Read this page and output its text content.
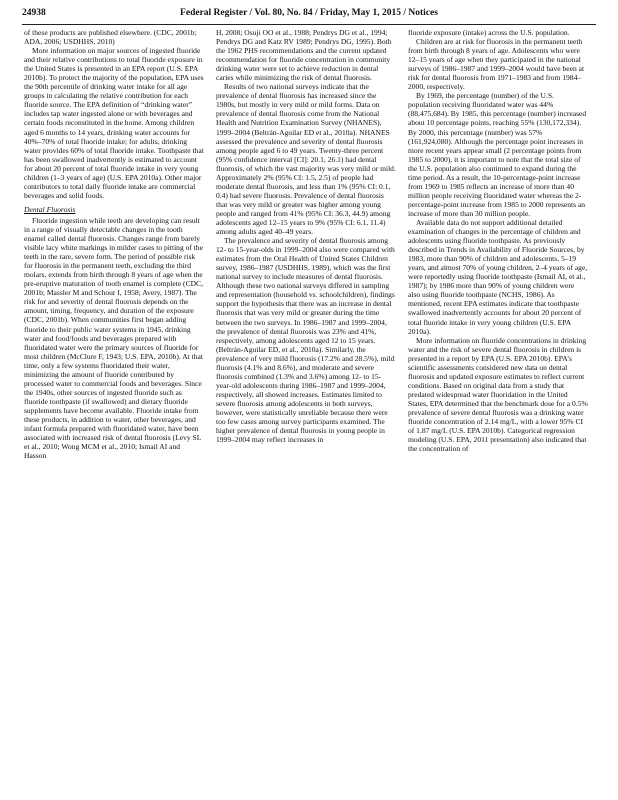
24938	Federal Register / Vol. 80, No. 84 / Friday, May 1, 2015 / Notices

of these products are published elsewhere. (CDC, 2001b; ADA, 2006; USDHHS, 2010)

More information on major sources of ingested fluoride and their relative contributions to total fluoride exposure in the United States is presented in an EPA report (U.S. EPA 2010b). To protect the majority of the population, EPA uses the 90th percentile of drinking water intake for all age groups in calculating the relative contribution for each fluoride source. The EPA definition of “drinking water” includes tap water ingested alone or with beverages and certain foods reconstituted in the home. Among children aged 6 months to 14 years, drinking water accounts for 40%–70% of total fluoride intake; for adults, drinking water provides 60% of total fluoride intake. Toothpaste that has been swallowed inadvertently is estimated to account for about 20 percent of total fluoride intake in very young children (1–3 years of age) (U.S. EPA 2010a). Other major contributors to total daily fluoride intake are commercial beverages and solid foods.

Dental Fluorosis

Fluoride ingestion while teeth are developing can result in a range of visually detectable changes in the tooth enamel called dental fluorosis. Changes range from barely visible lacy white markings in milder cases to pitting of the teeth in the rare, severe form. The period of possible risk for fluorosis in the permanent teeth, excluding the third molars, extends from birth through 8 years of age when the pre-eruptive maturation of tooth enamel is complete (CDC, 2001b; Massler M and Schour I, 1958; Avery, 1987). The risk for and severity of dental fluorosis depends on the amount, timing, frequency, and duration of the exposure (CDC, 2001b). When communities first began adding fluoride to their public water systems in 1945, drinking water and food/foods and beverages prepared with fluoridated water were the primary sources of fluoride for most children (McClure F, 1943; U.S. EPA, 2010b). At that time, only a few systems fluoridated their water, minimizing the amount of fluoride contributed by processed water to commercial foods and beverages. Since the 1940s, other sources of ingested fluoride such as fluoride toothpaste (if swallowed) and dietary fluoride supplements have become available. Fluoride intake from these products, in addition to water, other beverages, and infant formula prepared with fluoridated water, have been associated with increased risk of dental fluorosis (Levy SL et al., 2010; Wong MCM et al., 2010; Ismail AI and Hasson

H, 2008; Osuji OO et al., 1988; Pendrys DG et al., 1994; Pendrys DG and Katz RV 1989; Pendrys DG, 1995). Both the 1962 PHS recommendations and the current updated recommendation for fluoride concentration in community drinking water were set to achieve reduction in dental caries while minimizing the risk of dental fluorosis.

Results of two national surveys indicate that the prevalence of dental fluorosis has increased since the 1980s, but mostly in very mild or mild forms. Data on prevalence of dental fluorosis come from the National Health and Nutrition Examination Survey (NHANES), 1999–2004 (Beltrán-Aguilar ED et al., 2010a). NHANES assessed the prevalence and severity of dental fluorosis among people aged 6 to 49 years. Twenty-three percent (95% confidence interval [CI]: 20.1, 26.1) had dental fluorosis, of which the vast majority was very mild or mild. Approximately 2% (95% CI: 1.5, 2.5) of people had moderate dental fluorosis, and less than 1% (95% CI: 0.1, 0.4) had severe fluorosis. Prevalence of dental fluorosis that was very mild or greater was higher among young people and ranged from 41% (95% CI: 36.3, 44.9) among adolescents aged 12–15 years to 9% (95% CI: 6.1, 11.4) among adults aged 40–49 years.

The prevalence and severity of dental fluorosis among 12- to 15-year-olds in 1999–2004 also were compared with estimates from the Oral Health of United States Children survey, 1986–1987 (USDHHS, 1989), which was the first national survey to include measures of dental fluorosis. Although these two national surveys differed in sampling and representation (household vs. schoolchildren), findings support the hypothesis that there was an increase in dental fluorosis that was very mild or greater during the time between the two surveys. In 1986–1987 and 1999–2004, the prevalence of dental fluorosis was 23% and 41%, respectively, among adolescents aged 12 to 15 years. (Beltrán-Aguilar ED, et al., 2010a). Similarly, the prevalence of very mild fluorosis (17.2% and 28.5%), mild fluorosis (4.1% and 8.6%), and moderate and severe fluorosis combined (1.3% and 3.6%) among 12- to 15-year-old adolescents during 1986–1987 and 1999–2004, respectively, all showed increases. Estimates limited to severe fluorosis among adolescents in both surveys, however, were statistically unreliable because there were too few cases among survey participants examined. The higher prevalence of dental fluorosis in young people in 1999–2004 may reflect increases in

fluoride exposure (intake) across the U.S. population.

Children are at risk for fluorosis in the permanent teeth from birth through 8 years of age. Adolescents who were 12–15 years of age when they participated in the national surveys of 1986–1987 and 1999–2004 would have been at risk for dental fluorosis from 1971–1983 and from 1984–2000, respectively.

By 1969, the percentage (number) of the U.S. population receiving fluoridated water was 44% (88,475,684). By 1985, this percentage (number) increased about 10 percentage points, reaching 55% (130,172,334). By 2000, this percentage (number) was 57% (161,924,080). Although the percentage point increases in more recent years appear small (2 percentage points from 1985 to 2000), it is important to note that the total size of the U.S. population also continued to expand during the time period. As a result, the 10-percentage-point increase from 1969 to 1985 reflects an increase of more than 40 million people receiving fluoridated water whereas the 2-percentage-point increase from 1985 to 2000 represents an increase of more than 30 million people.

Available data do not support additional detailed examination of changes in the percentage of children and adolescents using fluoride toothpaste. As previously described in Trends in Availability of Fluoride Sources, by 1983, more than 90% of children and adolescents, 5–19 years, and almost 70% of young children, 2–4 years of age, were reportedly using fluoride toothpaste (Ismail AI, et al., 1987); by 1986 more than 90% of young children were also using fluoride toothpaste (NCHS, 1986). As mentioned, recent EPA estimates indicate that toothpaste swallowed inadvertently accounts for about 20 percent of total fluoride intake in very young children (U.S. EPA 2010a).

More information on fluoride concentrations in drinking water and the risk of severe dental fluorosis in children is presented in a report by EPA (U.S. EPA 2010b). EPA’s scientific assessments considered new data on dental fluorosis and updated exposure estimates to reflect current conditions. Based on original data from a study that predated widespread water fluoridation in the United States, EPA determined that the benchmark dose for a 0.5% prevalence of severe dental fluorosis was a drinking water fluoride concentration of 2.14 mg/L, with a lower 95% CI of 1.87 mg/L (U.S. EPA 2010b). Categorical regression modeling (U.S. EPA, 2011 presentation) also indicated that the concentration of
